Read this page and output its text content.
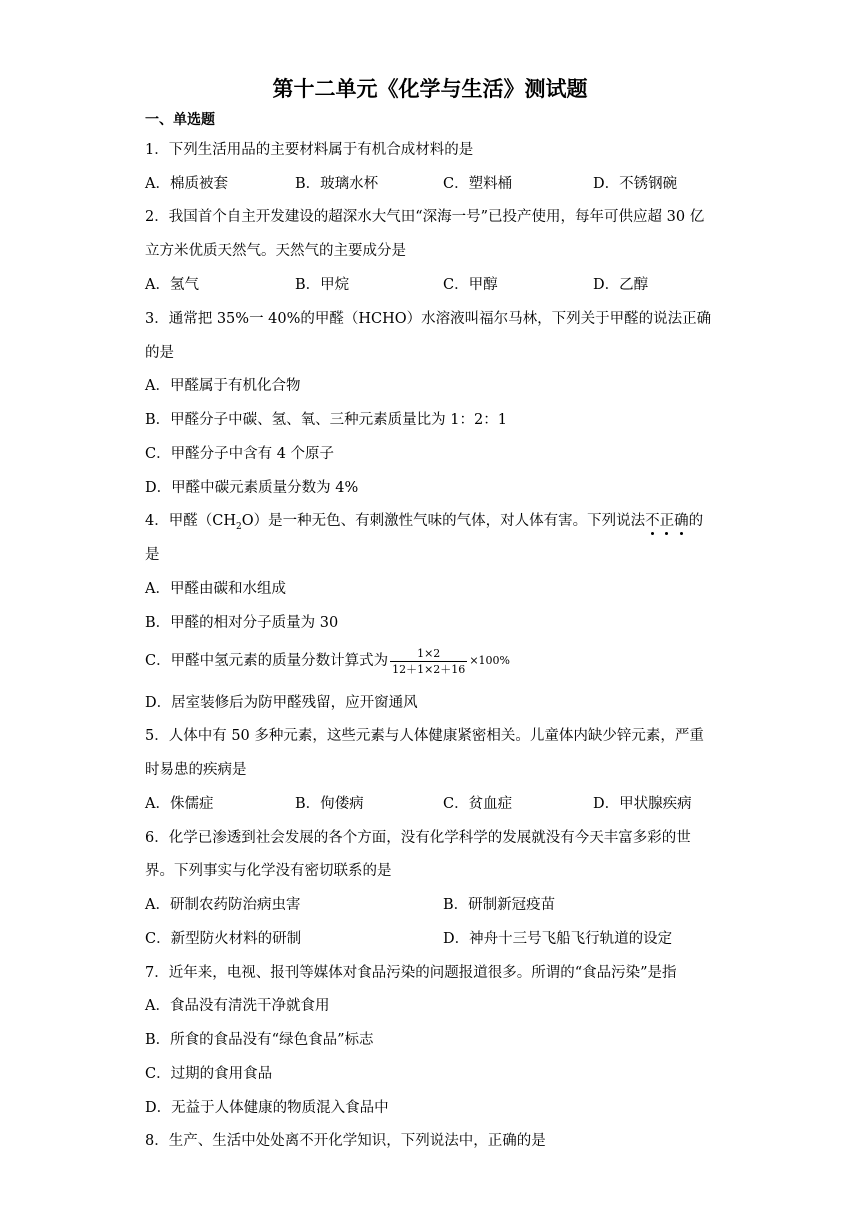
第十二单元《化学与生活》测试题
一、单选题
1．下列生活用品的主要材料属于有机合成材料的是
A．棉质被套	B．玻璃水杯	C．塑料桶	D．不锈钢碗
2．我国首个自主开发建设的超深水大气田“深海一号”已投产使用，每年可供应超 30 亿
立方米优质天然气。天然气的主要成分是
A．氢气	B．甲烷	C．甲醇	D．乙醇
3．通常把 35%一 40%的甲醛（HCHO）水溶液叫福尔马林，下列关于甲醛的说法正确
的是
A．甲醛属于有机化合物
B．甲醛分子中碳、氢、氧、三种元素质量比为 1：2：1
C．甲醛分子中含有 4 个原子
D．甲醛中碳元素质量分数为 4%
4．甲醛$(CH_2O)$是一种无色、有刺激性气味的气体，对人体有害。下列说法不正确的
是
A．甲醛由碳和水组成
B．甲醛的相对分子质量为 30
C．甲醛中氢元素的质量分数计算式为 $\frac{1\times 2}{12+1\times 2+16} \times 100\%$
D．居室装修后为防甲醛残留，应开窗通风
5．人体中有 50 多种元素，这些元素与人体健康紧密相关。儿童体内缺少锌元素，严重
时易患的疾病是
A．侏儒症	B．佝偻病	C．贫血症	D．甲状腺疾病
6．化学已渗透到社会发展的各个方面，没有化学科学的发展就没有今天丰富多彩的世
界。下列事实与化学没有密切联系的是
A．研制农药防治病虫害	B．研制新冠疫苗
C．新型防火材料的研制	D．神舟十三号飞船飞行轨道的设定
7．近年来，电视、报刊等媒体对食品污染的问题报道很多。所谓的“食品污染”是指
A．食品没有清洗干净就食用
B．所食的食品没有“绿色食品”标志
C．过期的食用食品
D．无益于人体健康的物质混入食品中
8．生产、生活中处处离不开化学知识，下列说法中，正确的是
